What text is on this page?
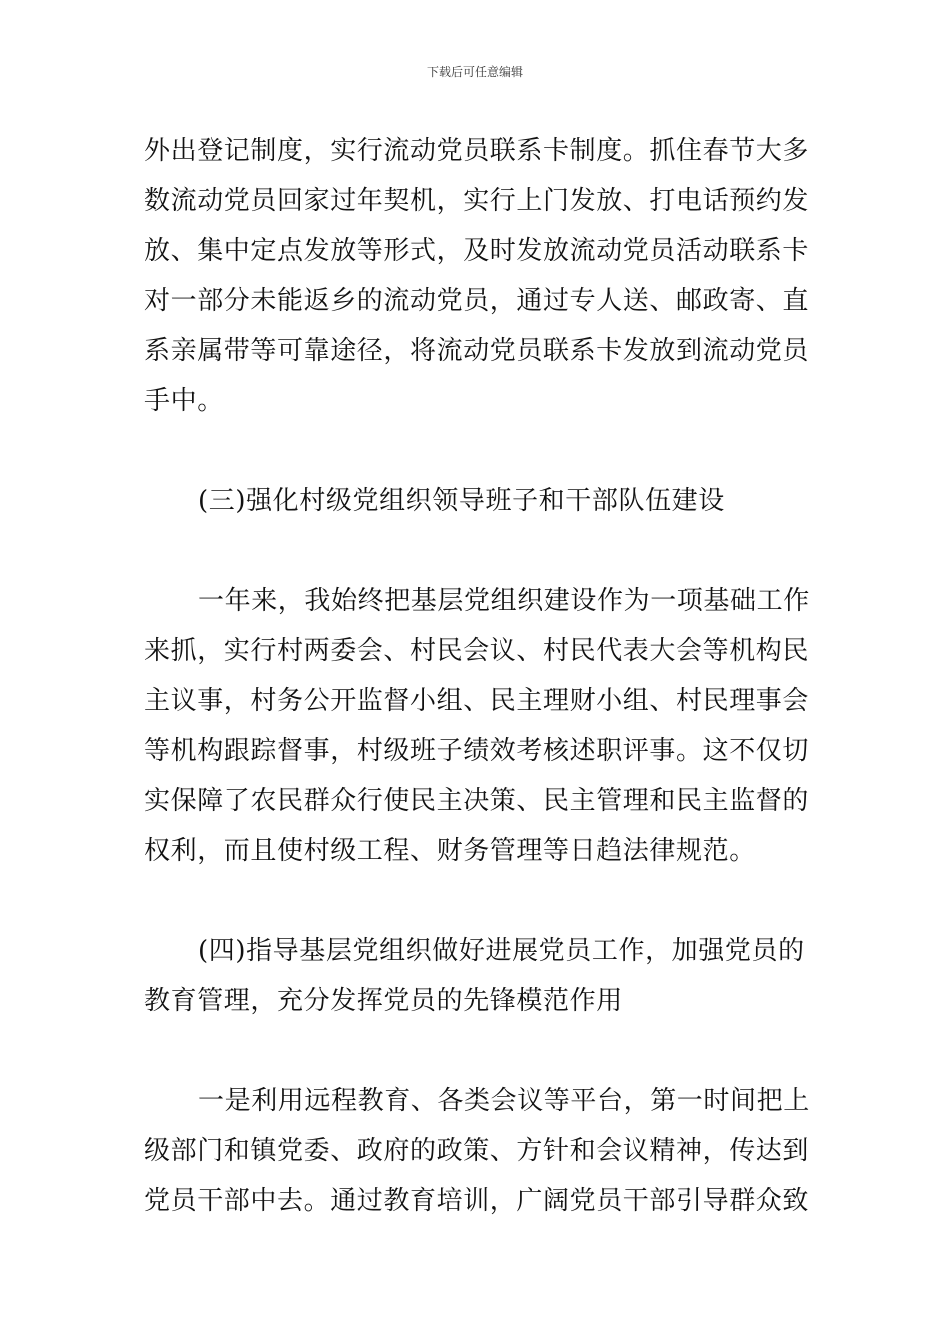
下载后可任意编辑
外出登记制度，实行流动党员联系卡制度。抓住春节大多
数流动党员回家过年契机，实行上门发放、打电话预约发
放、集中定点发放等形式，及时发放流动党员活动联系卡
对一部分未能返乡的流动党员，通过专人送、邮政寄、直
系亲属带等可靠途径，将流动党员联系卡发放到流动党员
手中。
(三)强化村级党组织领导班子和干部队伍建设
一年来，我始终把基层党组织建设作为一项基础工作
来抓，实行村两委会、村民会议、村民代表大会等机构民
主议事，村务公开监督小组、民主理财小组、村民理事会
等机构跟踪督事，村级班子绩效考核述职评事。这不仅切
实保障了农民群众行使民主决策、民主管理和民主监督的
权利，而且使村级工程、财务管理等日趋法律规范。
(四)指导基层党组织做好进展党员工作，加强党员的
教育管理，充分发挥党员的先锋模范作用
一是利用远程教育、各类会议等平台，第一时间把上
级部门和镇党委、政府的政策、方针和会议精神，传达到
党员干部中去。通过教育培训，广阔党员干部引导群众致
